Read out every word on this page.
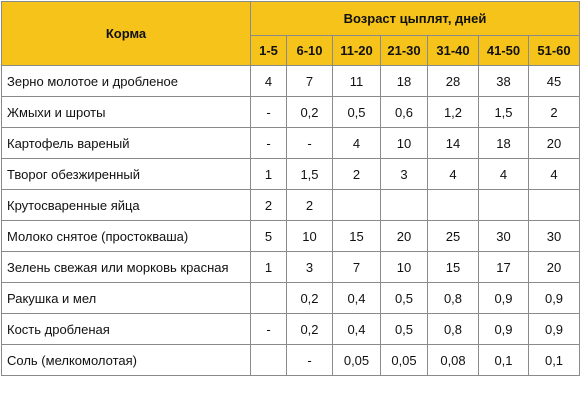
Корма	Возраст цыплят, дней						
	1-5	6-10	11-20	21-30	31-40	41-50	51-60
Зерно молотое и дробленое	4	7	11	18	28	38	45
Жмыхи и шроты	-	0,2	0,5	0,6	1,2	1,5	2
Картофель вареный	-	-	4	10	14	18	20
Творог обезжиренный	1	1,5	2	3	4	4	4
Крутосваренные яйца	2	2					
Молоко снятое (простокваша)	5	10	15	20	25	30	30
Зелень свежая или морковь красная	1	3	7	10	15	17	20
Ракушка и мел		0,2	0,4	0,5	0,8	0,9	0,9
Кость дробленая	-	0,2	0,4	0,5	0,8	0,9	0,9
Соль (мелкомолотая)		-	0,05	0,05	0,08	0,1	0,1
